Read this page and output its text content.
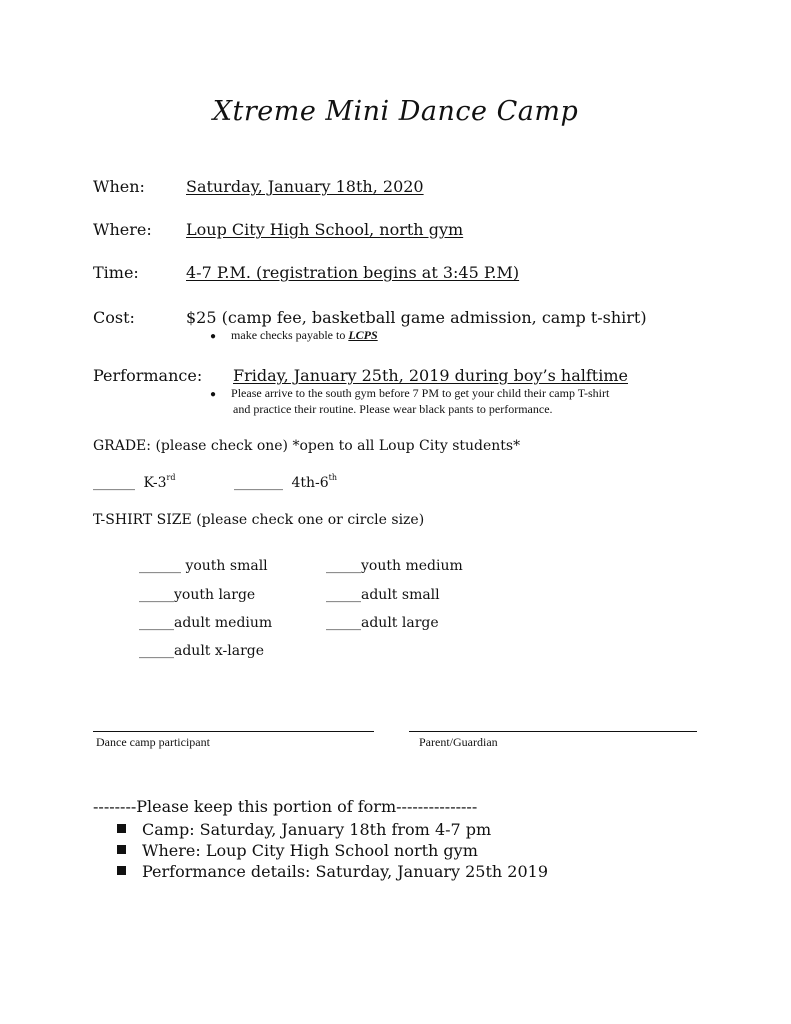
Xtreme Mini Dance Camp
When:	Saturday, January 18th, 2020
Where: Loup City High School, north gym
Time:	4-7 P.M. (registration begins at 3:45 P.M)
Cost:	$25 (camp fee, basketball game admission, camp t-shirt)
● make checks payable to LCPS
Performance: Friday, January 25th, 2019 during boy’s halftime
● Please arrive to the south gym before 7 PM to get your child their camp T-shirt
and practice their routine. Please wear black pants to performance.
GRADE: (please check one) *open to all Loup City students*
______ K-3rd	_______ 4th-6th
T-SHIRT SIZE (please check one or circle size)
______ youth small	_____youth medium
_____youth large	_____adult small
_____adult medium	_____adult large
_____adult x-large
Dance camp participant	Parent/Guardian
--------Please keep this portion of form---------------
Camp: Saturday, January 18th from 4-7 pm
Where: Loup City High School north gym
Performance details: Saturday, January 25th 2019
